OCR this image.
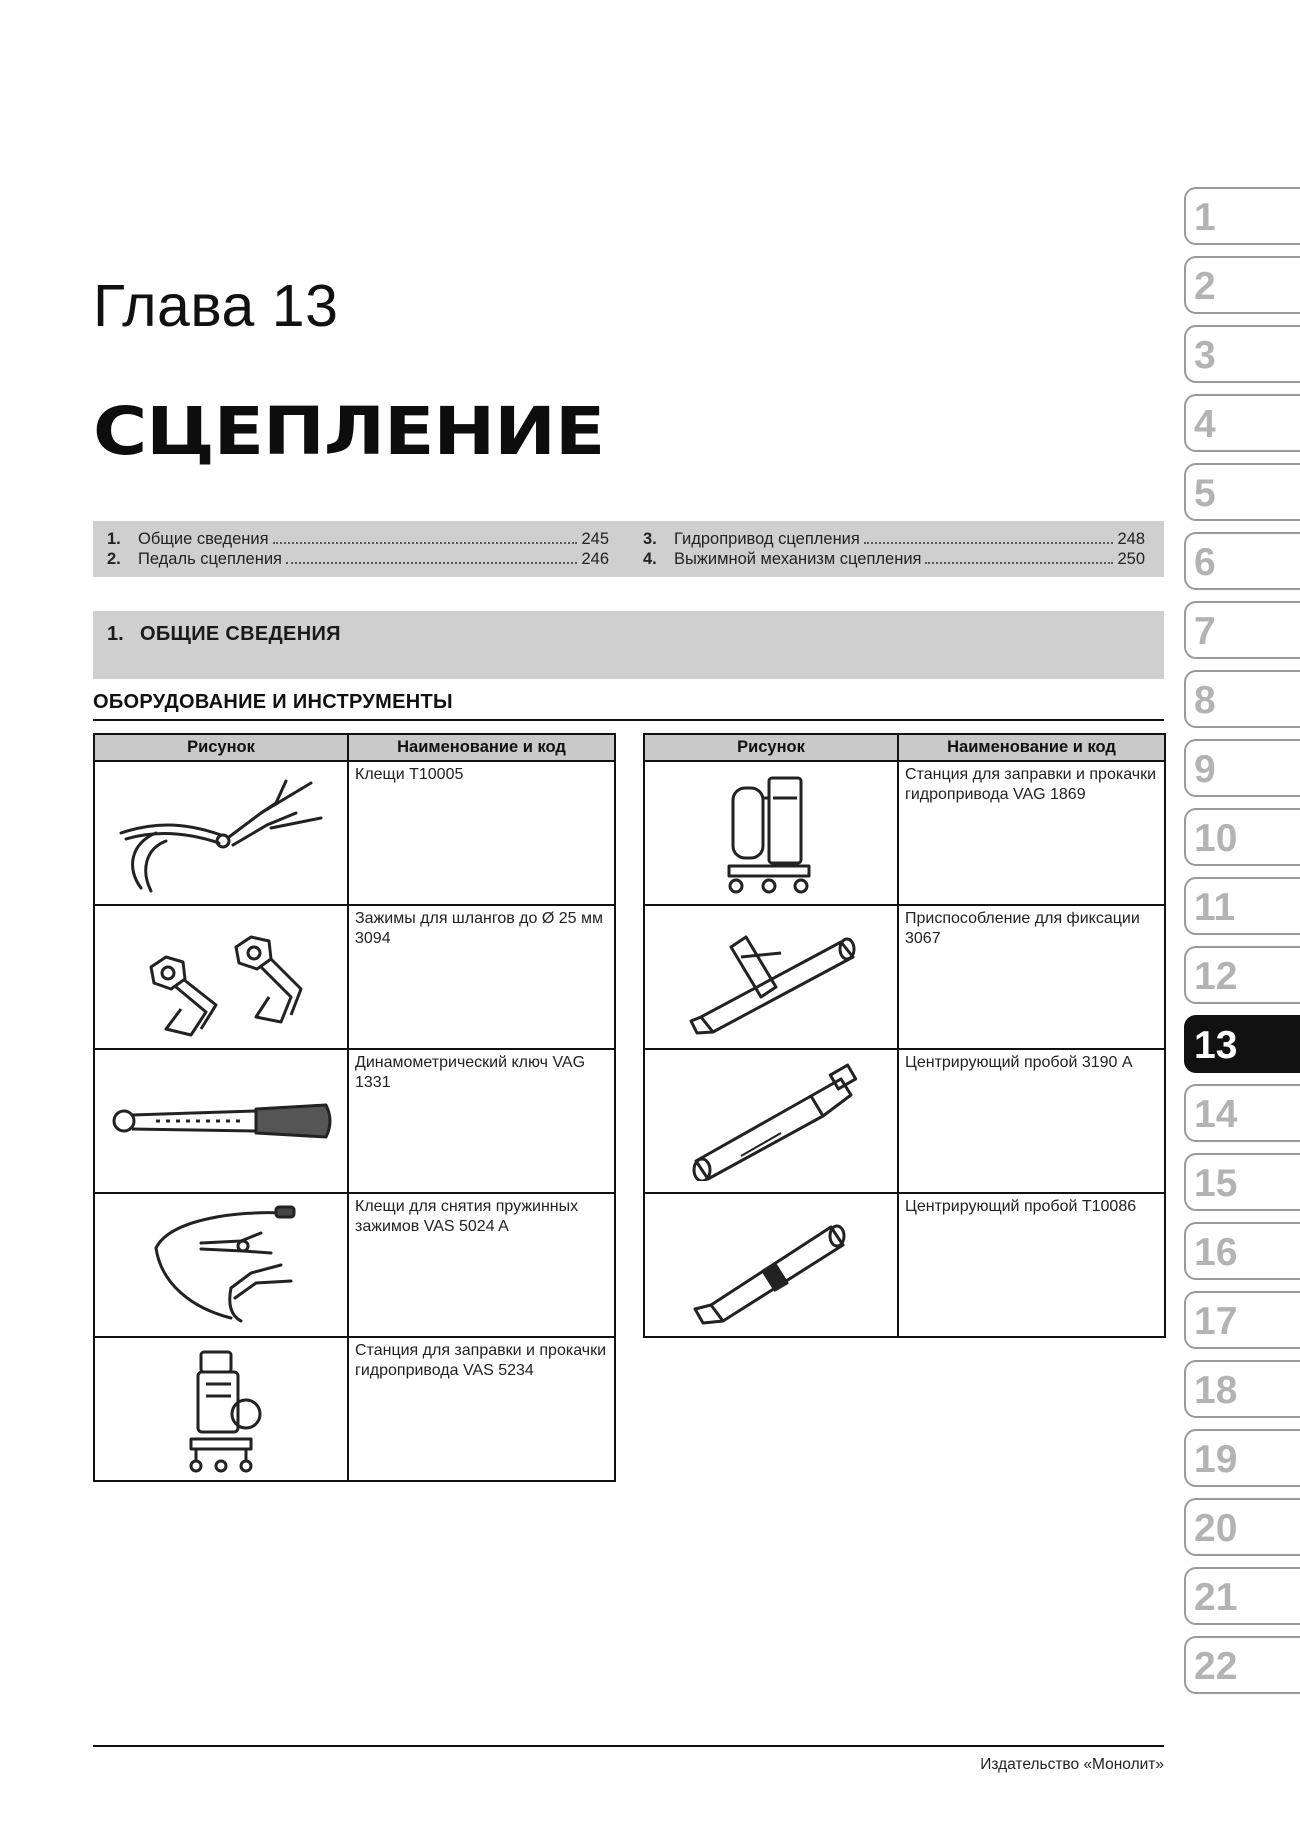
Глава 13
СЦЕПЛЕНИЕ
1.	Общие сведения	245
2.	Педаль сцепления	246
3.	Гидропривод сцепления	248
4.	Выжимной механизм сцепления	250
1. ОБЩИЕ СВЕДЕНИЯ
ОБОРУДОВАНИЕ И ИНСТРУМЕНТЫ
Рисунок	Наименование и код

	Клещи T10005

	Зажимы для шлангов до Ø 25 мм 3094

	Динамометрический ключ VAG 1331

	Клещи для снятия пружинных зажимов VAS 5024 A

	Станция для заправки и прокачки гидропривода VAS 5234
Рисунок	Наименование и код

	Станция для заправки и прокачки гидропривода VAG 1869

	Приспособление для фиксации 3067

	Центрирующий пробой 3190 A

	Центрирующий пробой T10086
1
2
3
4
5
6
7
8
9
10
11
12
13
14
15
16
17
18
19
20
21
22
Издательство «Монолит»
